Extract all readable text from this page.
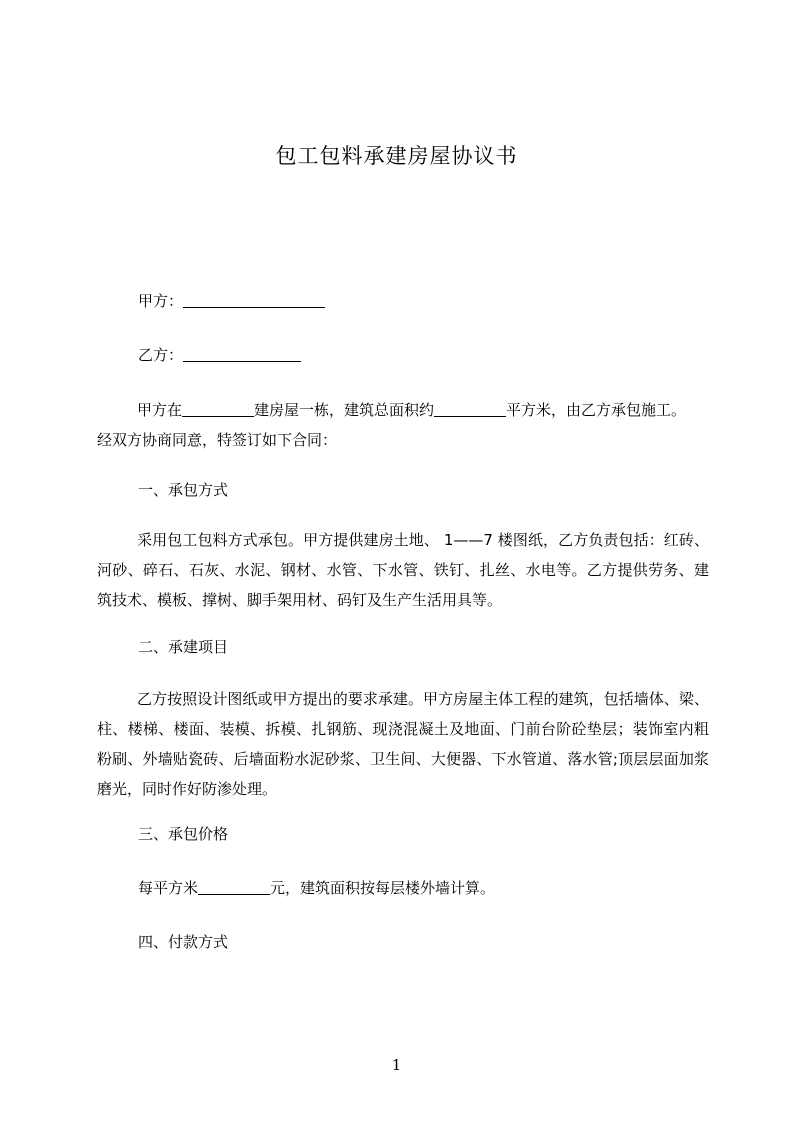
包工包料承建房屋协议书
甲方：
乙方：
甲方在	建房屋一栋，建筑总面积约	平方米，由乙方承包施工。
经双方协商同意，特签订如下合同：
一、承包方式
采用包工包料方式承包。甲方提供建房土地、 1——7 楼图纸，乙方负责包括：红砖、河砂、碎石、石灰、水泥、钢材、水管、下水管、铁钉、扎丝、水电等。乙方提供劳务、建筑技术、模板、撑树、脚手架用材、码钉及生产生活用具等。
二、承建项目
乙方按照设计图纸或甲方提出的要求承建。甲方房屋主体工程的建筑，包括墙体、梁、柱、楼梯、楼面、装模、拆模、扎钢筋、现浇混凝土及地面、门前台阶砼垫层；装饰室内粗粉刷、外墙贴瓷砖、后墙面粉水泥砂浆、卫生间、大便器、下水管道、落水管;顶层层面加浆磨光，同时作好防渗处理。
三、承包价格
每平方米	元，建筑面积按每层楼外墙计算。
四、付款方式
1
